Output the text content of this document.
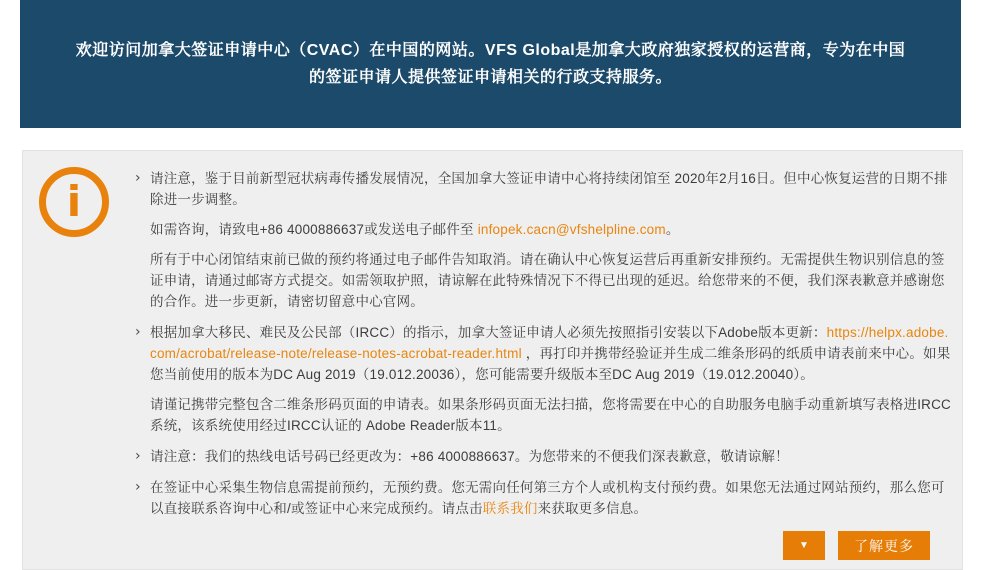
欢迎访问加拿大签证申请中心（CVAC）在中国的网站。VFS Global是加拿大政府独家授权的运营商，专为在中国的签证申请人提供签证申请相关的行政支持服务。
i	› 请注意，鉴于目前新型冠状病毒传播发展情况，全国加拿大签证申请中心将持续闭馆至 2020年2月16日。但中心恢复运营的日期不排除进一步调整。

如需咨询，请致电+86 4000886637或发送电子邮件至 infopek.cacn@vfshelpline.com。

所有于中心闭馆结束前已做的预约将通过电子邮件告知取消。请在确认中心恢复运营后再重新安排预约。无需提供生物识别信息的签证申请，请通过邮寄方式提交。如需领取护照，请谅解在此特殊情况下不得已出现的延迟。给您带来的不便，我们深表歉意并感谢您的合作。进一步更新，请密切留意中心官网。

› 根据加拿大移民、难民及公民部（IRCC）的指示，加拿大签证申请人必须先按照指引安装以下Adobe版本更新：https://helpx.adobe.com/acrobat/release-note/release-notes-acrobat-reader.html ，再打印并携带经验证并生成二维条形码的纸质申请表前来中心。如果您当前使用的版本为DC Aug 2019（19.012.20036），您可能需要升级版本至DC Aug 2019（19.012.20040）。

请谨记携带完整包含二维条形码页面的申请表。如果条形码页面无法扫描，您将需要在中心的自助服务电脑手动重新填写表格进IRCC系统，该系统使用经过IRCC认证的 Adobe Reader版本11。

› 请注意：我们的热线电话号码已经更改为：+86 4000886637。为您带来的不便我们深表歉意，敬请谅解！

› 在签证中心采集生物信息需提前预约，无预约费。您无需向任何第三方个人或机构支付预约费。如果您无法通过网站预约，那么您可以直接联系咨询中心和/或签证中心来完成预约。请点击联系我们来获取更多信息。

▼	了解更多
